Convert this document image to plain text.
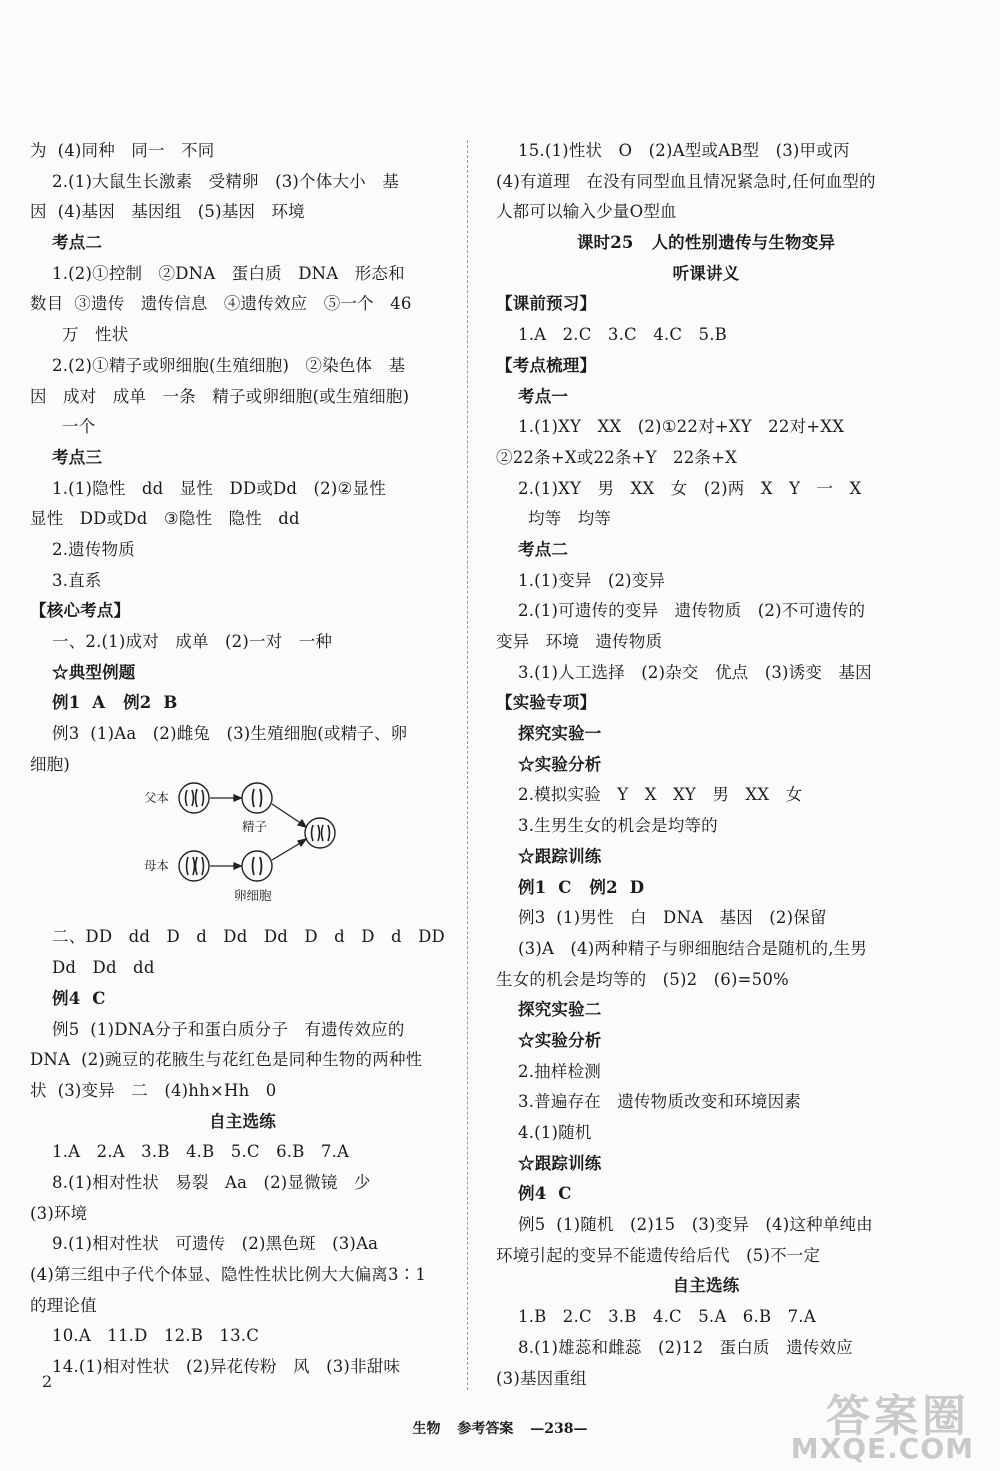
为  (4)同种   同一   不同
2.(1)大鼠生长激素   受精卵   (3)个体大小   基
因  (4)基因   基因组   (5)基因   环境
考点二
1.(2)①控制   ②DNA   蛋白质   DNA   形态和
数目  ③遗传   遗传信息   ④遗传效应   ⑤一个   46
万   性状
2.(2)①精子或卵细胞(生殖细胞)   ②染色体   基
因   成对   成单   一条   精子或卵细胞(或生殖细胞)
一个
考点三
1.(1)隐性   dd   显性   DD或Dd   (2)②显性
显性   DD或Dd   ③隐性   隐性   dd
2.遗传物质
3.直系
【核心考点】
一、2.(1)成对   成单   (2)一对   一种
☆典型例题
例1  A   例2  B
例3  (1)Aa   (2)雌兔   (3)生殖细胞(或精子、卵
细胞)
父本
母本
精子
卵细胞
二、DD   dd   D   d   Dd   Dd   D   d   D   d   DD
Dd   Dd   dd
例4  C
例5  (1)DNA分子和蛋白质分子   有遗传效应的
DNA  (2)豌豆的花腋生与花红色是同种生物的两种性
状  (3)变异   二   (4)hh×Hh   0
自主选练
1.A   2.A   3.B   4.B   5.C   6.B   7.A
8.(1)相对性状   易裂   Aa   (2)显微镜   少
(3)环境
9.(1)相对性状   可遗传   (2)黑色斑   (3)Aa
(4)第三组中子代个体显、隐性性状比例大大偏离3∶1
的理论值
10.A   11.D   12.B   13.C
14.(1)相对性状   (2)异花传粉   风   (3)非甜味
15.(1)性状   O   (2)A型或AB型   (3)甲或丙
(4)有道理   在没有同型血且情况紧急时,任何血型的
人都可以输入少量O型血
课时25   人的性别遗传与生物变异
听课讲义
【课前预习】
1.A   2.C   3.C   4.C   5.B
【考点梳理】
考点一
1.(1)XY   XX   (2)①22对+XY   22对+XX
②22条+X或22条+Y   22条+X
2.(1)XY   男   XX   女   (2)两   X   Y   一   X
均等   均等
考点二
1.(1)变异   (2)变异
2.(1)可遗传的变异   遗传物质   (2)不可遗传的
变异   环境   遗传物质
3.(1)人工选择   (2)杂交   优点   (3)诱变   基因
【实验专项】
探究实验一
☆实验分析
2.模拟实验   Y   X   XY   男   XX   女
3.生男生女的机会是均等的
☆跟踪训练
例1  C   例2  D
例3  (1)男性   白   DNA   基因   (2)保留
(3)A   (4)两种精子与卵细胞结合是随机的,生男
生女的机会是均等的   (5)2   (6)=50%
探究实验二
☆实验分析
2.抽样检测
3.普遍存在   遗传物质改变和环境因素
4.(1)随机
☆跟踪训练
例4  C
例5  (1)随机   (2)15   (3)变异   (4)这种单纯由
环境引起的变异不能遗传给后代   (5)不一定
自主选练
1.B   2.C   3.B   4.C   5.A   6.B   7.A
8.(1)雄蕊和雌蕊   (2)12   蛋白质   遗传效应
(3)基因重组
2
生物 参考答案 —238—	答案圈
MXQE.COM
